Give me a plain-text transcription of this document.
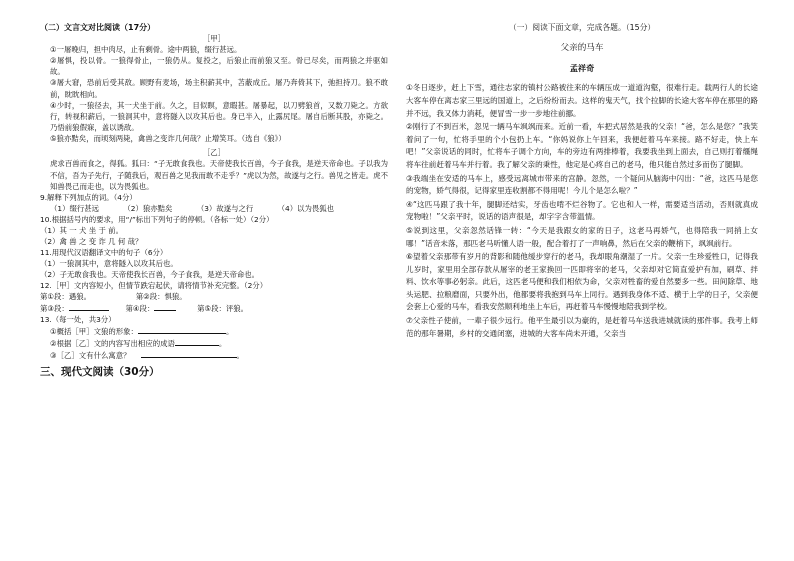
（二）文言文对比阅读（17分）

［甲］

①一屠晚归，担中肉尽，止有剩骨。途中两狼，缀行甚远。

②屠惧，投以骨。一狼得骨止，一狼仍从。复投之，后狼止而前狼又至。骨已尽矣，而两狼之并驱如故。

③屠大窘，恐前后受其敌。顾野有麦场，场主积薪其中，苫蔽成丘。屠乃奔倚其下，弛担持刀。狼不敢前，眈眈相向。

④少时，一狼径去，其一犬坐于前。久之，目似瞑，意暇甚。屠暴起，以刀劈狼首，又数刀毙之。方欲行，转视积薪后，一狼洞其中，意将隧入以攻其后也。身已半入，止露尻尾。屠自后断其股，亦毙之。乃悟前狼假寐，盖以诱敌。

⑤狼亦黠矣，而顷刻两毙，禽兽之变诈几何哉？止增笑耳。（选自《狼》）

［乙］

虎求百兽而食之，得狐。狐曰：“子无敢食我也。天帝使我长百兽，今子食我，是逆天帝命也。子以我为不信，吾为子先行，子随我后，观百兽之见我而敢不走乎？”虎以为然，故遂与之行。兽见之皆走。虎不知兽畏己而走也，以为畏狐也。

9.解释下列加点的词。（4分）

（1）缀行甚远	（2）狼亦黠矣	（3）故遂与之行	（4）以为畏狐也

10.根据括号内的要求，用“/”标出下列句子的停顿。（各标一处）（2分）

（1）其 一 犬 坐 于 前。

（2）禽 兽 之 变 诈 几 何 哉？

11.用现代汉语翻译文中的句子（6分）

（1）一狼洞其中，意将隧入以攻其后也。

（2）子无敢食我也。天帝使我长百兽，今子食我，是逆天帝命也。

12.［甲］文内容短小，但情节跌宕起伏，请将情节补充完整。（2分）

第①段：遇狼。	第②段：惧狼。

第③段：	第④段：	第⑤段：评狼。

13.（每一处，共3分）

①概括［甲］文狼的形象：	。

②根据［乙］文的内容写出相应的成语	。

③［乙］文有什么寓意？	。

三、现代文阅读（30分）

（一）阅读下面文章，完成各题。（15分）

父亲的马车

孟祥奇

①冬日逐步，赶上下雪，通往志家的镇村公路被往来的车辆压成一道道沟壑，很难行走。载两行人的长途大客车停在离志家三里远的国道上，之后纷纷而去。这样的鬼天气，找个拉脚的长途大客车停在那里的路并不远，我又体力消耗，便冒雪一步一步地往前挪。

②刚行了不到百米，忽见一辆马车飒飒而来。近前一看，车把式居然是我的父亲！“爸，怎么是您？”我笑着问了一句，忙将手里的个小包扔上车。“你妈说你上午回来，我便赶着马车来接。路不好走，快上车吧！”父亲说话的同时，忙将车子调个方向，车的旁边有两排棒着，我要我坐到上面去，自己则打着缰绳将车往前赶着马车并行着。我了解父亲的秉性，他定是心疼自己的老马，他只能自然过多而伤了腿脚。

③我端坐在安适的马车上，感受远离城市带来的宫静。忽然，一个疑问从脑海中闪出：“爸，这匹马是您的宠物，娇气得很，记得家里连收割都不得用呢！今儿个是怎么啦？”

④“这匹马跟了我十年，腿脚还结实，牙齿也啃不烂谷物了。它也和人一样，需要适当活动，否则就真成宠物啦！”父亲平时，说话的语声很是，却字字含带温情。

⑤说到这里，父亲忽然话锋一转：“今天是我跟女的家的日子，这老马再娇气，也得陪我一同捎上女哪！”话音未落，那匹老马听懂人语一般，配合着打了一声响鼻，然后在父亲的鞭梢下，飒飒前行。

⑥望着父亲那带有岁月的背影和随他缓步穿行的老马，我却眼角潮湿了一片。父亲一生珍爱牲口，记得我儿岁时，家里用全部存款从屠宰的老王家换回一匹即将宰的老马，父亲却对它简直爱护有加，刷草、拌料、饮水等事必躬亲。此后，这匹老马便和我们相依为命，父亲对牲畜的爱自然要多一些。田间除草、地头运肥、拉粮磨面，只要外出，他都要将我抱到马车上同行。遇到我身体不适、横于上学的日子，父亲便会套上心爱的马车，看我安然顺利地坐上车后，再赶着马车慢慢地陪我到学校。

⑦父亲性子使前，一辈子很少远行。他平生最引以为豪的，是赶着马车送我进城就读的那件事。我考上师范的那年暑期，乡村的交通闭塞，进城的大客车尚未开通，父亲当
